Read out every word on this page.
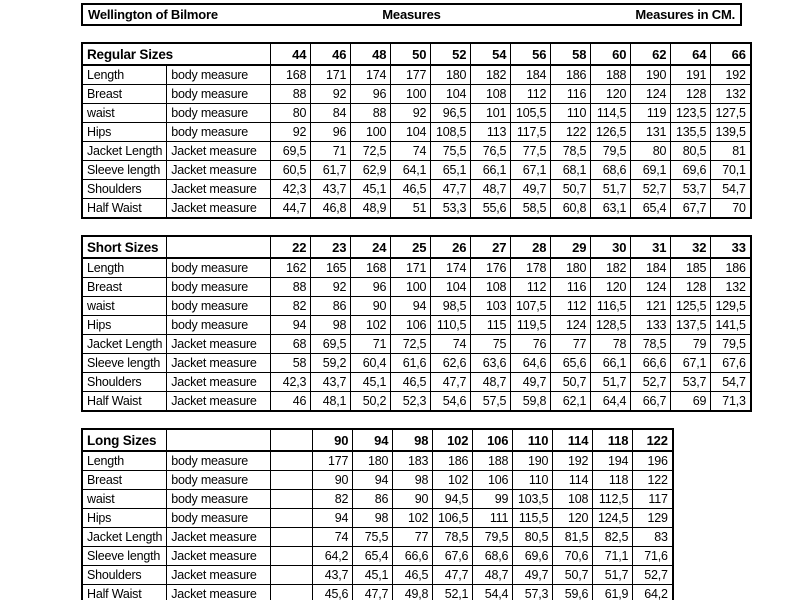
Wellington of Bilmore	Measures	Measures in CM.
Regular Sizes		44	46	48	50	52	54	56	58	60	62	64	66
Length	body measure	168	171	174	177	180	182	184	186	188	190	191	192
Breast	body measure	88	92	96	100	104	108	112	116	120	124	128	132
waist	body measure	80	84	88	92	96,5	101	105,5	110	114,5	119	123,5	127,5
Hips	body measure	92	96	100	104	108,5	113	117,5	122	126,5	131	135,5	139,5
Jacket Length	Jacket measure	69,5	71	72,5	74	75,5	76,5	77,5	78,5	79,5	80	80,5	81
Sleeve length	Jacket measure	60,5	61,7	62,9	64,1	65,1	66,1	67,1	68,1	68,6	69,1	69,6	70,1
Shoulders	Jacket measure	42,3	43,7	45,1	46,5	47,7	48,7	49,7	50,7	51,7	52,7	53,7	54,7
Half Waist	Jacket measure	44,7	46,8	48,9	51	53,3	55,6	58,5	60,8	63,1	65,4	67,7	70
Short Sizes		22	23	24	25	26	27	28	29	30	31	32	33
Length	body measure	162	165	168	171	174	176	178	180	182	184	185	186
Breast	body measure	88	92	96	100	104	108	112	116	120	124	128	132
waist	body measure	82	86	90	94	98,5	103	107,5	112	116,5	121	125,5	129,5
Hips	body measure	94	98	102	106	110,5	115	119,5	124	128,5	133	137,5	141,5
Jacket Length	Jacket measure	68	69,5	71	72,5	74	75	76	77	78	78,5	79	79,5
Sleeve length	Jacket measure	58	59,2	60,4	61,6	62,6	63,6	64,6	65,6	66,1	66,6	67,1	67,6
Shoulders	Jacket measure	42,3	43,7	45,1	46,5	47,7	48,7	49,7	50,7	51,7	52,7	53,7	54,7
Half Waist	Jacket measure	46	48,1	50,2	52,3	54,6	57,5	59,8	62,1	64,4	66,7	69	71,3
Long Sizes			90	94	98	102	106	110	114	118	122
Length	body measure		177	180	183	186	188	190	192	194	196
Breast	body measure		90	94	98	102	106	110	114	118	122
waist	body measure		82	86	90	94,5	99	103,5	108	112,5	117
Hips	body measure		94	98	102	106,5	111	115,5	120	124,5	129
Jacket Length	Jacket measure		74	75,5	77	78,5	79,5	80,5	81,5	82,5	83
Sleeve length	Jacket measure		64,2	65,4	66,6	67,6	68,6	69,6	70,6	71,1	71,6
Shoulders	Jacket measure		43,7	45,1	46,5	47,7	48,7	49,7	50,7	51,7	52,7
Half Waist	Jacket measure		45,6	47,7	49,8	52,1	54,4	57,3	59,6	61,9	64,2
